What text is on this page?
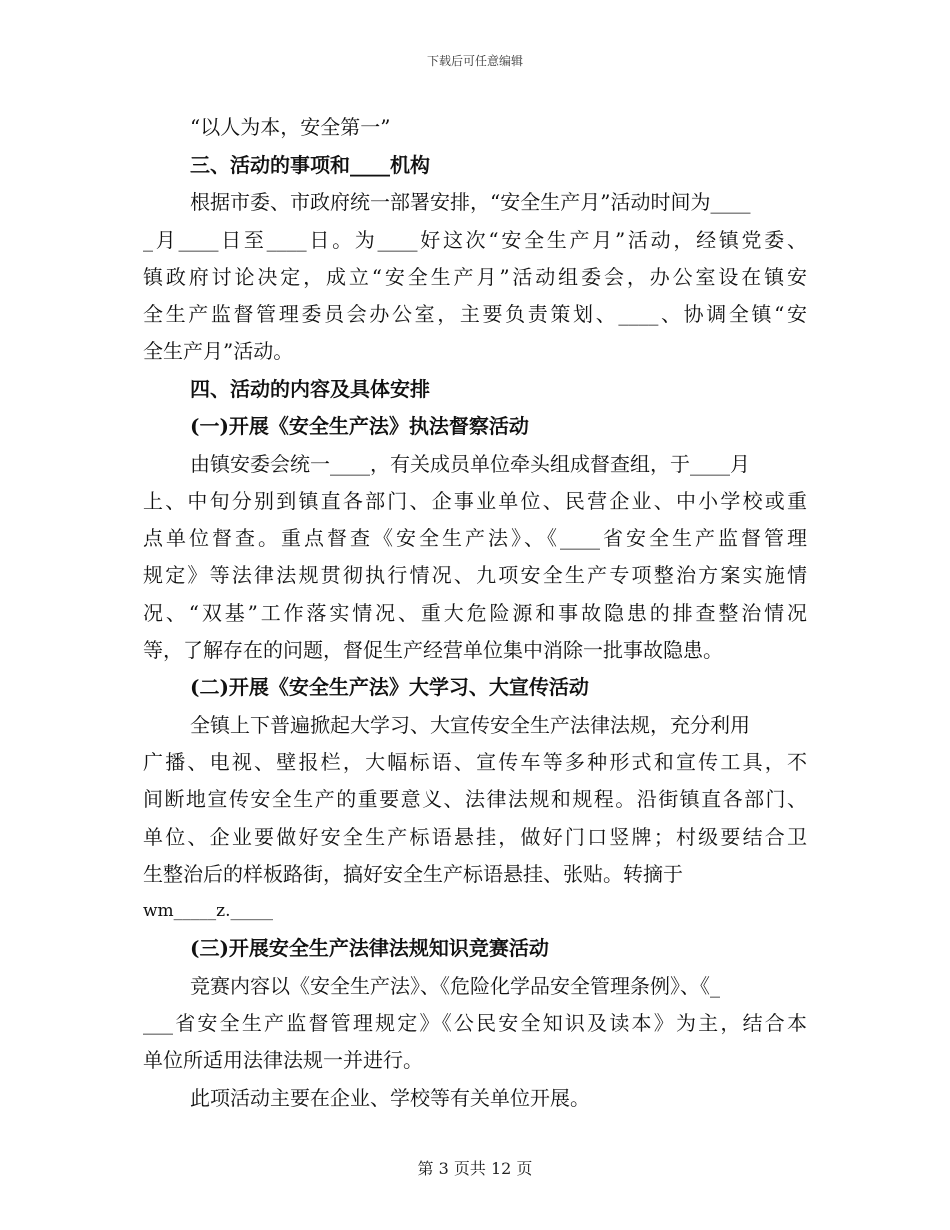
下载后可任意编辑
“以人为本，安全第一”
三、活动的事项和____机构
根据市委、市政府统一部署安排，“安全生产月”活动时间为____
_月____日至____日。为____好这次“安全生产月”活动，经镇党委、
镇政府讨论决定，成立“安全生产月”活动组委会，办公室设在镇安
全生产监督管理委员会办公室，主要负责策划、____、协调全镇“安
全生产月”活动。
四、活动的内容及具体安排
(一)开展《安全生产法》执法督察活动
由镇安委会统一____，有关成员单位牵头组成督查组，于____月
上、中旬分别到镇直各部门、企事业单位、民营企业、中小学校或重
点单位督查。重点督查《安全生产法》、《____省安全生产监督管理
规定》等法律法规贯彻执行情况、九项安全生产专项整治方案实施情
况、“双基”工作落实情况、重大危险源和事故隐患的排查整治情况
等，了解存在的问题，督促生产经营单位集中消除一批事故隐患。
(二)开展《安全生产法》大学习、大宣传活动
全镇上下普遍掀起大学习、大宣传安全生产法律法规，充分利用
广播、电视、壁报栏，大幅标语、宣传车等多种形式和宣传工具，不
间断地宣传安全生产的重要意义、法律法规和规程。沿街镇直各部门、
单位、企业要做好安全生产标语悬挂，做好门口竖牌；村级要结合卫
生整治后的样板路街，搞好安全生产标语悬挂、张贴。转摘于
wm_____z._____
(三)开展安全生产法律法规知识竞赛活动
竞赛内容以《安全生产法》、《危险化学品安全管理条例》、《_
___省安全生产监督管理规定》《公民安全知识及读本》为主，结合本
单位所适用法律法规一并进行。
此项活动主要在企业、学校等有关单位开展。
第 3 页共 12 页
